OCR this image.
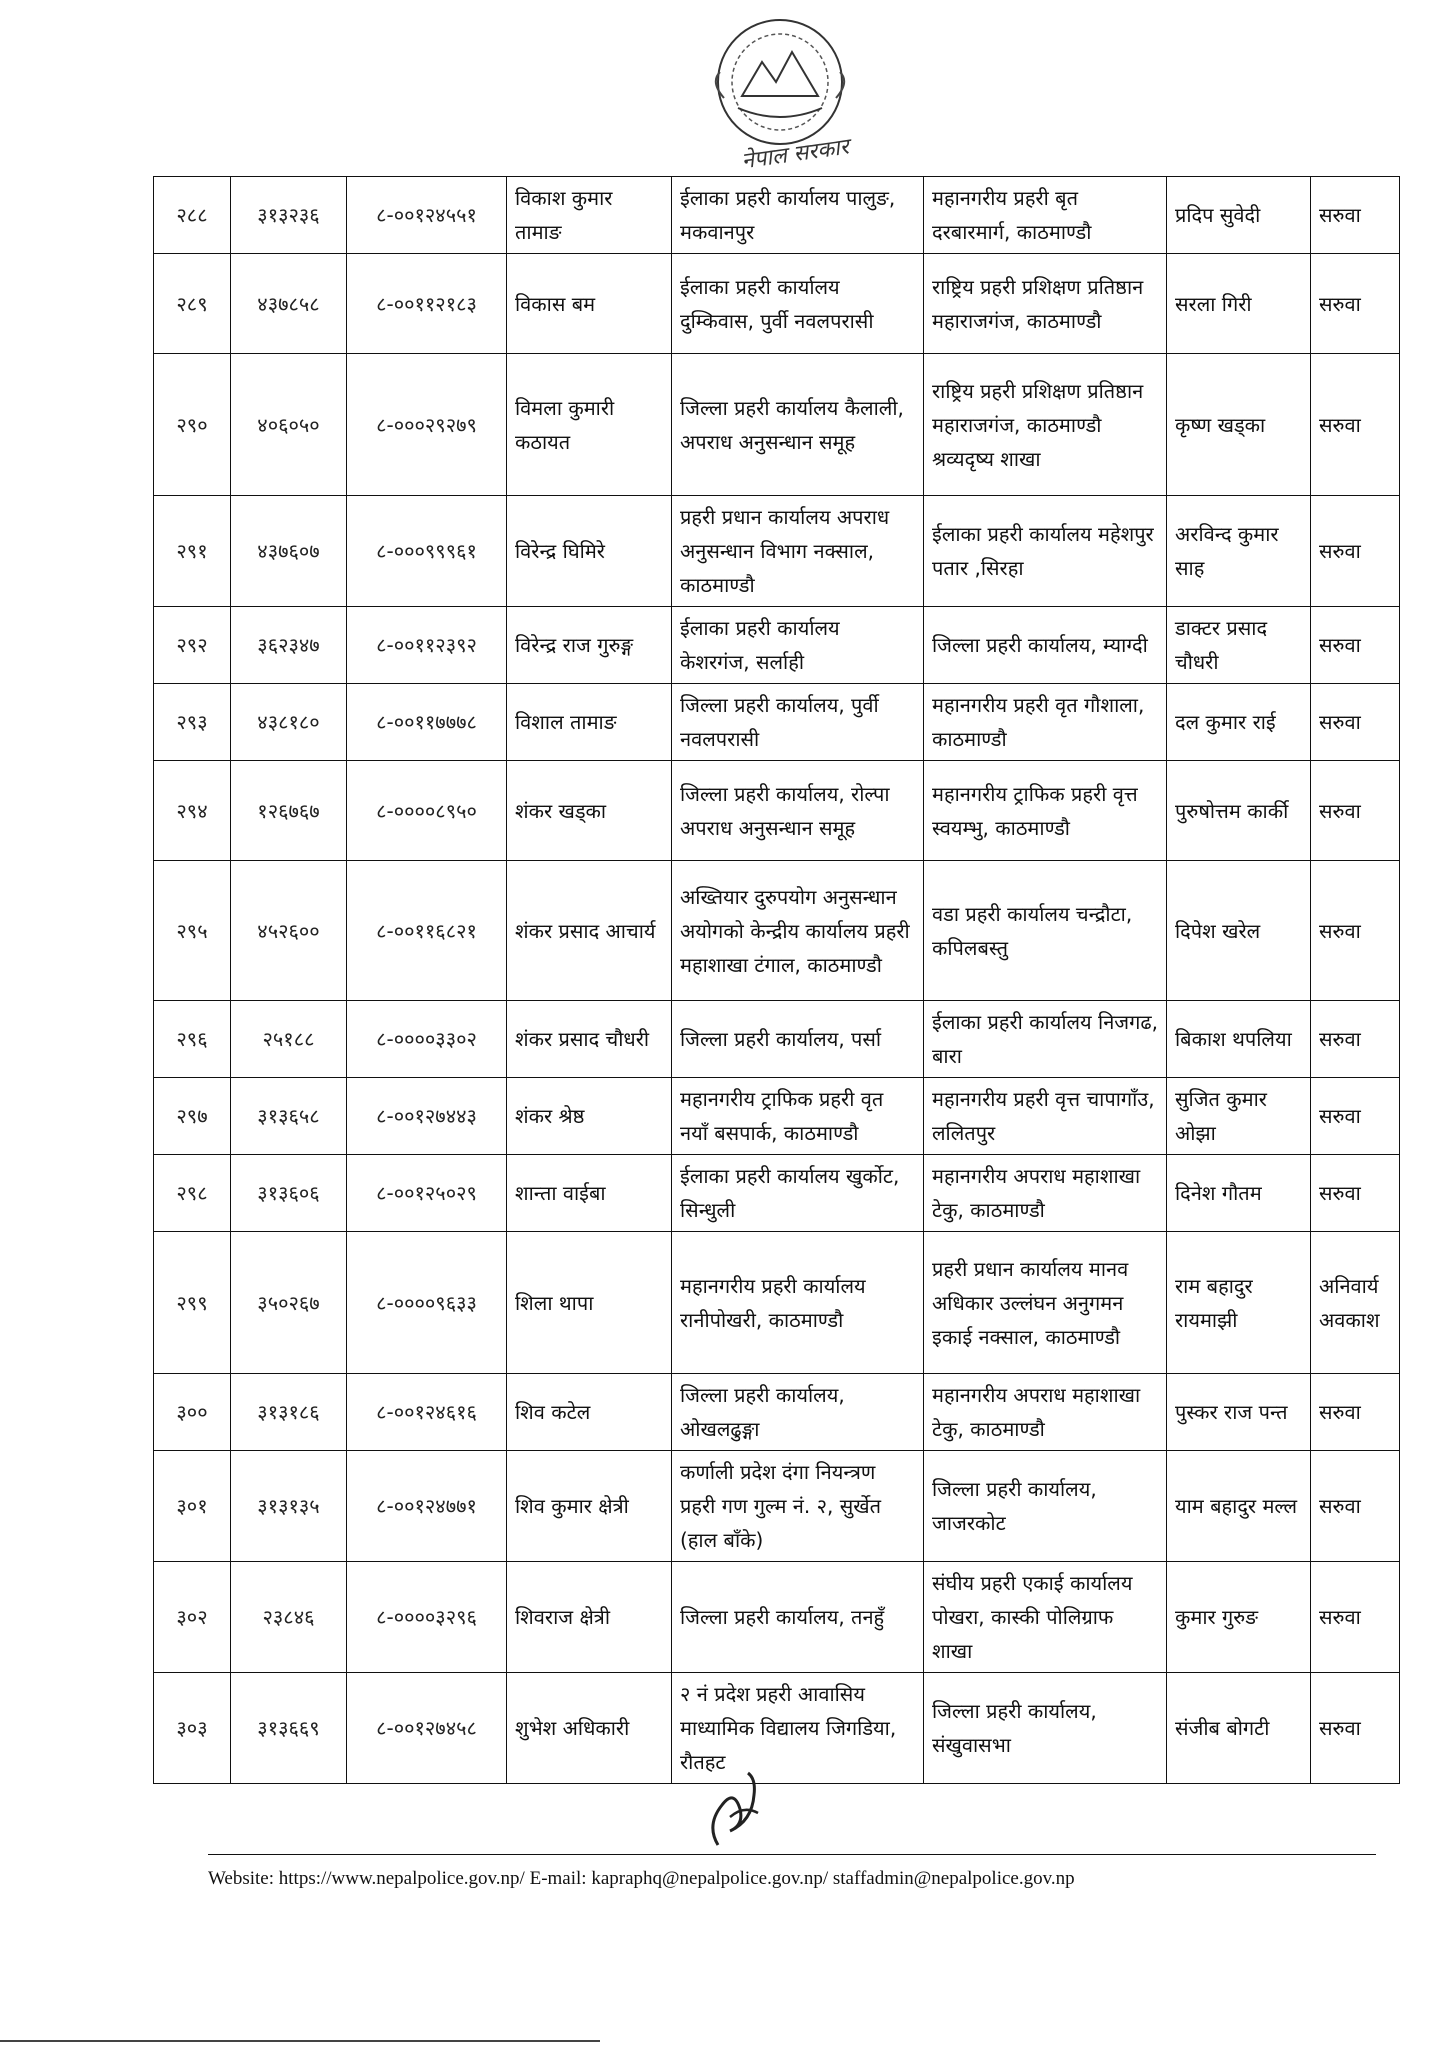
नेपाल सरकार
२८८	३१३२३६	८-००१२४५५१	विकाश कुमार तामाङ	ईलाका प्रहरी कार्यालय पालुङ, मकवानपुर	महानगरीय प्रहरी बृत दरबारमार्ग, काठमाण्डौ	प्रदिप सुवेदी	सरुवा
२८९	४३७८५८	८-००११२१८३	विकास बम	ईलाका प्रहरी कार्यालय दुम्किवास, पुर्वी नवलपरासी	राष्ट्रिय प्रहरी प्रशिक्षण प्रतिष्ठान महाराजगंज, काठमाण्डौ	सरला गिरी	सरुवा
२९०	४०६०५०	८-०००२९२७९	विमला कुमारी कठायत	जिल्ला प्रहरी कार्यालय कैलाली, अपराध अनुसन्धान समूह	राष्ट्रिय प्रहरी प्रशिक्षण प्रतिष्ठान महाराजगंज, काठमाण्डौ श्रव्यदृष्य शाखा	कृष्ण खड्का	सरुवा
२९१	४३७६०७	८-०००९९९६१	विरेन्द्र घिमिरे	प्रहरी प्रधान कार्यालय अपराध अनुसन्धान विभाग नक्साल, काठमाण्डौ	ईलाका प्रहरी कार्यालय महेशपुर पतार ,सिरहा	अरविन्द कुमार साह	सरुवा
२९२	३६२३४७	८-००११२३९२	विरेन्द्र राज गुरुङ्ग	ईलाका प्रहरी कार्यालय केशरगंज, सर्लाही	जिल्ला प्रहरी कार्यालय, म्याग्दी	डाक्टर प्रसाद चौधरी	सरुवा
२९३	४३८१८०	८-००११७७७८	विशाल तामाङ	जिल्ला प्रहरी कार्यालय, पुर्वी नवलपरासी	महानगरीय प्रहरी वृत गौशाला, काठमाण्डौ	दल कुमार राई	सरुवा
२९४	१२६७६७	८-००००८९५०	शंकर खड्का	जिल्ला प्रहरी कार्यालय, रोल्पा अपराध अनुसन्धान समूह	महानगरीय ट्राफिक प्रहरी वृत्त स्वयम्भु, काठमाण्डौ	पुरुषोत्तम कार्की	सरुवा
२९५	४५२६००	८-००११६८२१	शंकर प्रसाद आचार्य	अख्तियार दुरुपयोग अनुसन्धान अयोगको केन्द्रीय कार्यालय प्रहरी महाशाखा टंगाल, काठमाण्डौ	वडा प्रहरी कार्यालय चन्द्रौटा, कपिलबस्तु	दिपेश खरेल	सरुवा
२९६	२५१८८	८-००००३३०२	शंकर प्रसाद चौधरी	जिल्ला प्रहरी कार्यालय, पर्सा	ईलाका प्रहरी कार्यालय निजगढ, बारा	बिकाश थपलिया	सरुवा
२९७	३१३६५८	८-००१२७४४३	शंकर श्रेष्ठ	महानगरीय ट्राफिक प्रहरी वृत नयाँ बसपार्क, काठमाण्डौ	महानगरीय प्रहरी वृत्त चापागाँउ, ललितपुर	सुजित कुमार ओझा	सरुवा
२९८	३१३६०६	८-००१२५०२९	शान्ता वाईबा	ईलाका प्रहरी कार्यालय खुर्कोट, सिन्धुली	महानगरीय अपराध महाशाखा टेकु, काठमाण्डौ	दिनेश गौतम	सरुवा
२९९	३५०२६७	८-००००९६३३	शिला थापा	महानगरीय प्रहरी कार्यालय रानीपोखरी, काठमाण्डौ	प्रहरी प्रधान कार्यालय मानव अधिकार उल्लंघन अनुगमन इकाई नक्साल, काठमाण्डौ	राम बहादुर रायमाझी	अनिवार्य अवकाश
३००	३१३१८६	८-००१२४६१६	शिव कटेल	जिल्ला प्रहरी कार्यालय, ओखलढुङ्गा	महानगरीय अपराध महाशाखा टेकु, काठमाण्डौ	पुस्कर राज पन्त	सरुवा
३०१	३१३१३५	८-००१२४७७१	शिव कुमार क्षेत्री	कर्णाली प्रदेश दंगा नियन्त्रण प्रहरी गण गुल्म नं. २, सुर्खेत (हाल बाँके)	जिल्ला प्रहरी कार्यालय, जाजरकोट	याम बहादुर मल्ल	सरुवा
३०२	२३८४६	८-००००३२९६	शिवराज क्षेत्री	जिल्ला प्रहरी कार्यालय, तनहुँ	संघीय प्रहरी एकाई कार्यालय पोखरा, कास्की पोलिग्राफ शाखा	कुमार गुरुङ	सरुवा
३०३	३१३६६९	८-००१२७४५८	शुभेश अधिकारी	२ नं प्रदेश प्रहरी आवासिय माध्यामिक विद्यालय जिगडिया, रौतहट	जिल्ला प्रहरी कार्यालय, संखुवासभा	संजीब बोगटी	सरुवा
Website: https://www.nepalpolice.gov.np/ E-mail: kapraphq@nepalpolice.gov.np/ staffadmin@nepalpolice.gov.np
